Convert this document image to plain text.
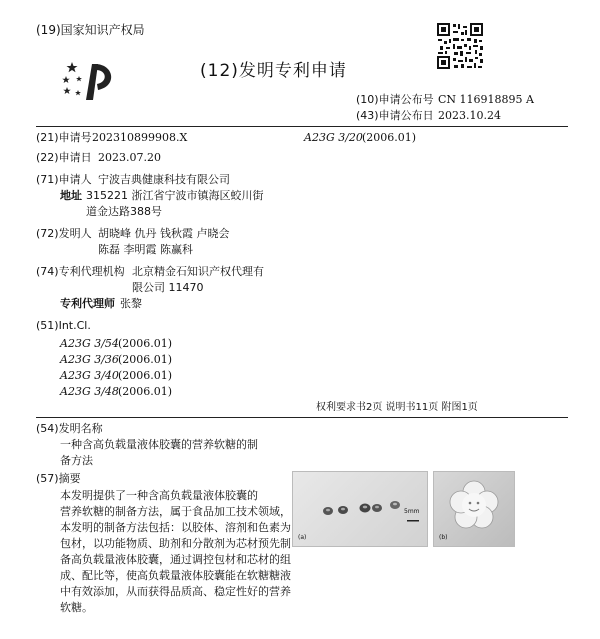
(19)国家知识产权局
(12)发明专利申请
(10)申请公布号 CN 116918895 A
(43)申请公布日 2023.10.24
(21)申请号 202310899908.X	A23G 3/20 (2006.01)
(22)申请日 2023.07.20
(71)申请人 宁波吉典健康科技有限公司
地址 315221 浙江省宁波市镇海区蛟川街
道金达路388号
(72)发明人 胡晓峰 仇丹 钱秋霞 卢晓会
陈磊 李明霞 陈赢科
(74)专利代理机构 北京精金石知识产权代理有
限公司 11470
专利代理师 张黎
(51)Int.Cl.
A23G 3/54 (2006.01)
A23G 3/36 (2006.01)
A23G 3/40 (2006.01)
A23G 3/48 (2006.01)
权利要求书2页 说明书11页 附图1页
(54)发明名称
一种含高负载量液体胶囊的营养软糖的制
备方法
(57)摘要
本发明提供了一种含高负载量液体胶囊的
营养软糖的制备方法，属于食品加工技术领域，
本发明的制备方法包括：以胶体、溶剂和色素为
包材，以功能物质、助剂和分散剂为芯材预先制
备高负载量液体胶囊，通过调控包材和芯材的组
成、配比等，使高负载量液体胶囊能在软糖糖液
中有效添加，从而获得品质高、稳定性好的营养
软糖。
5mm
(a)	(b)
